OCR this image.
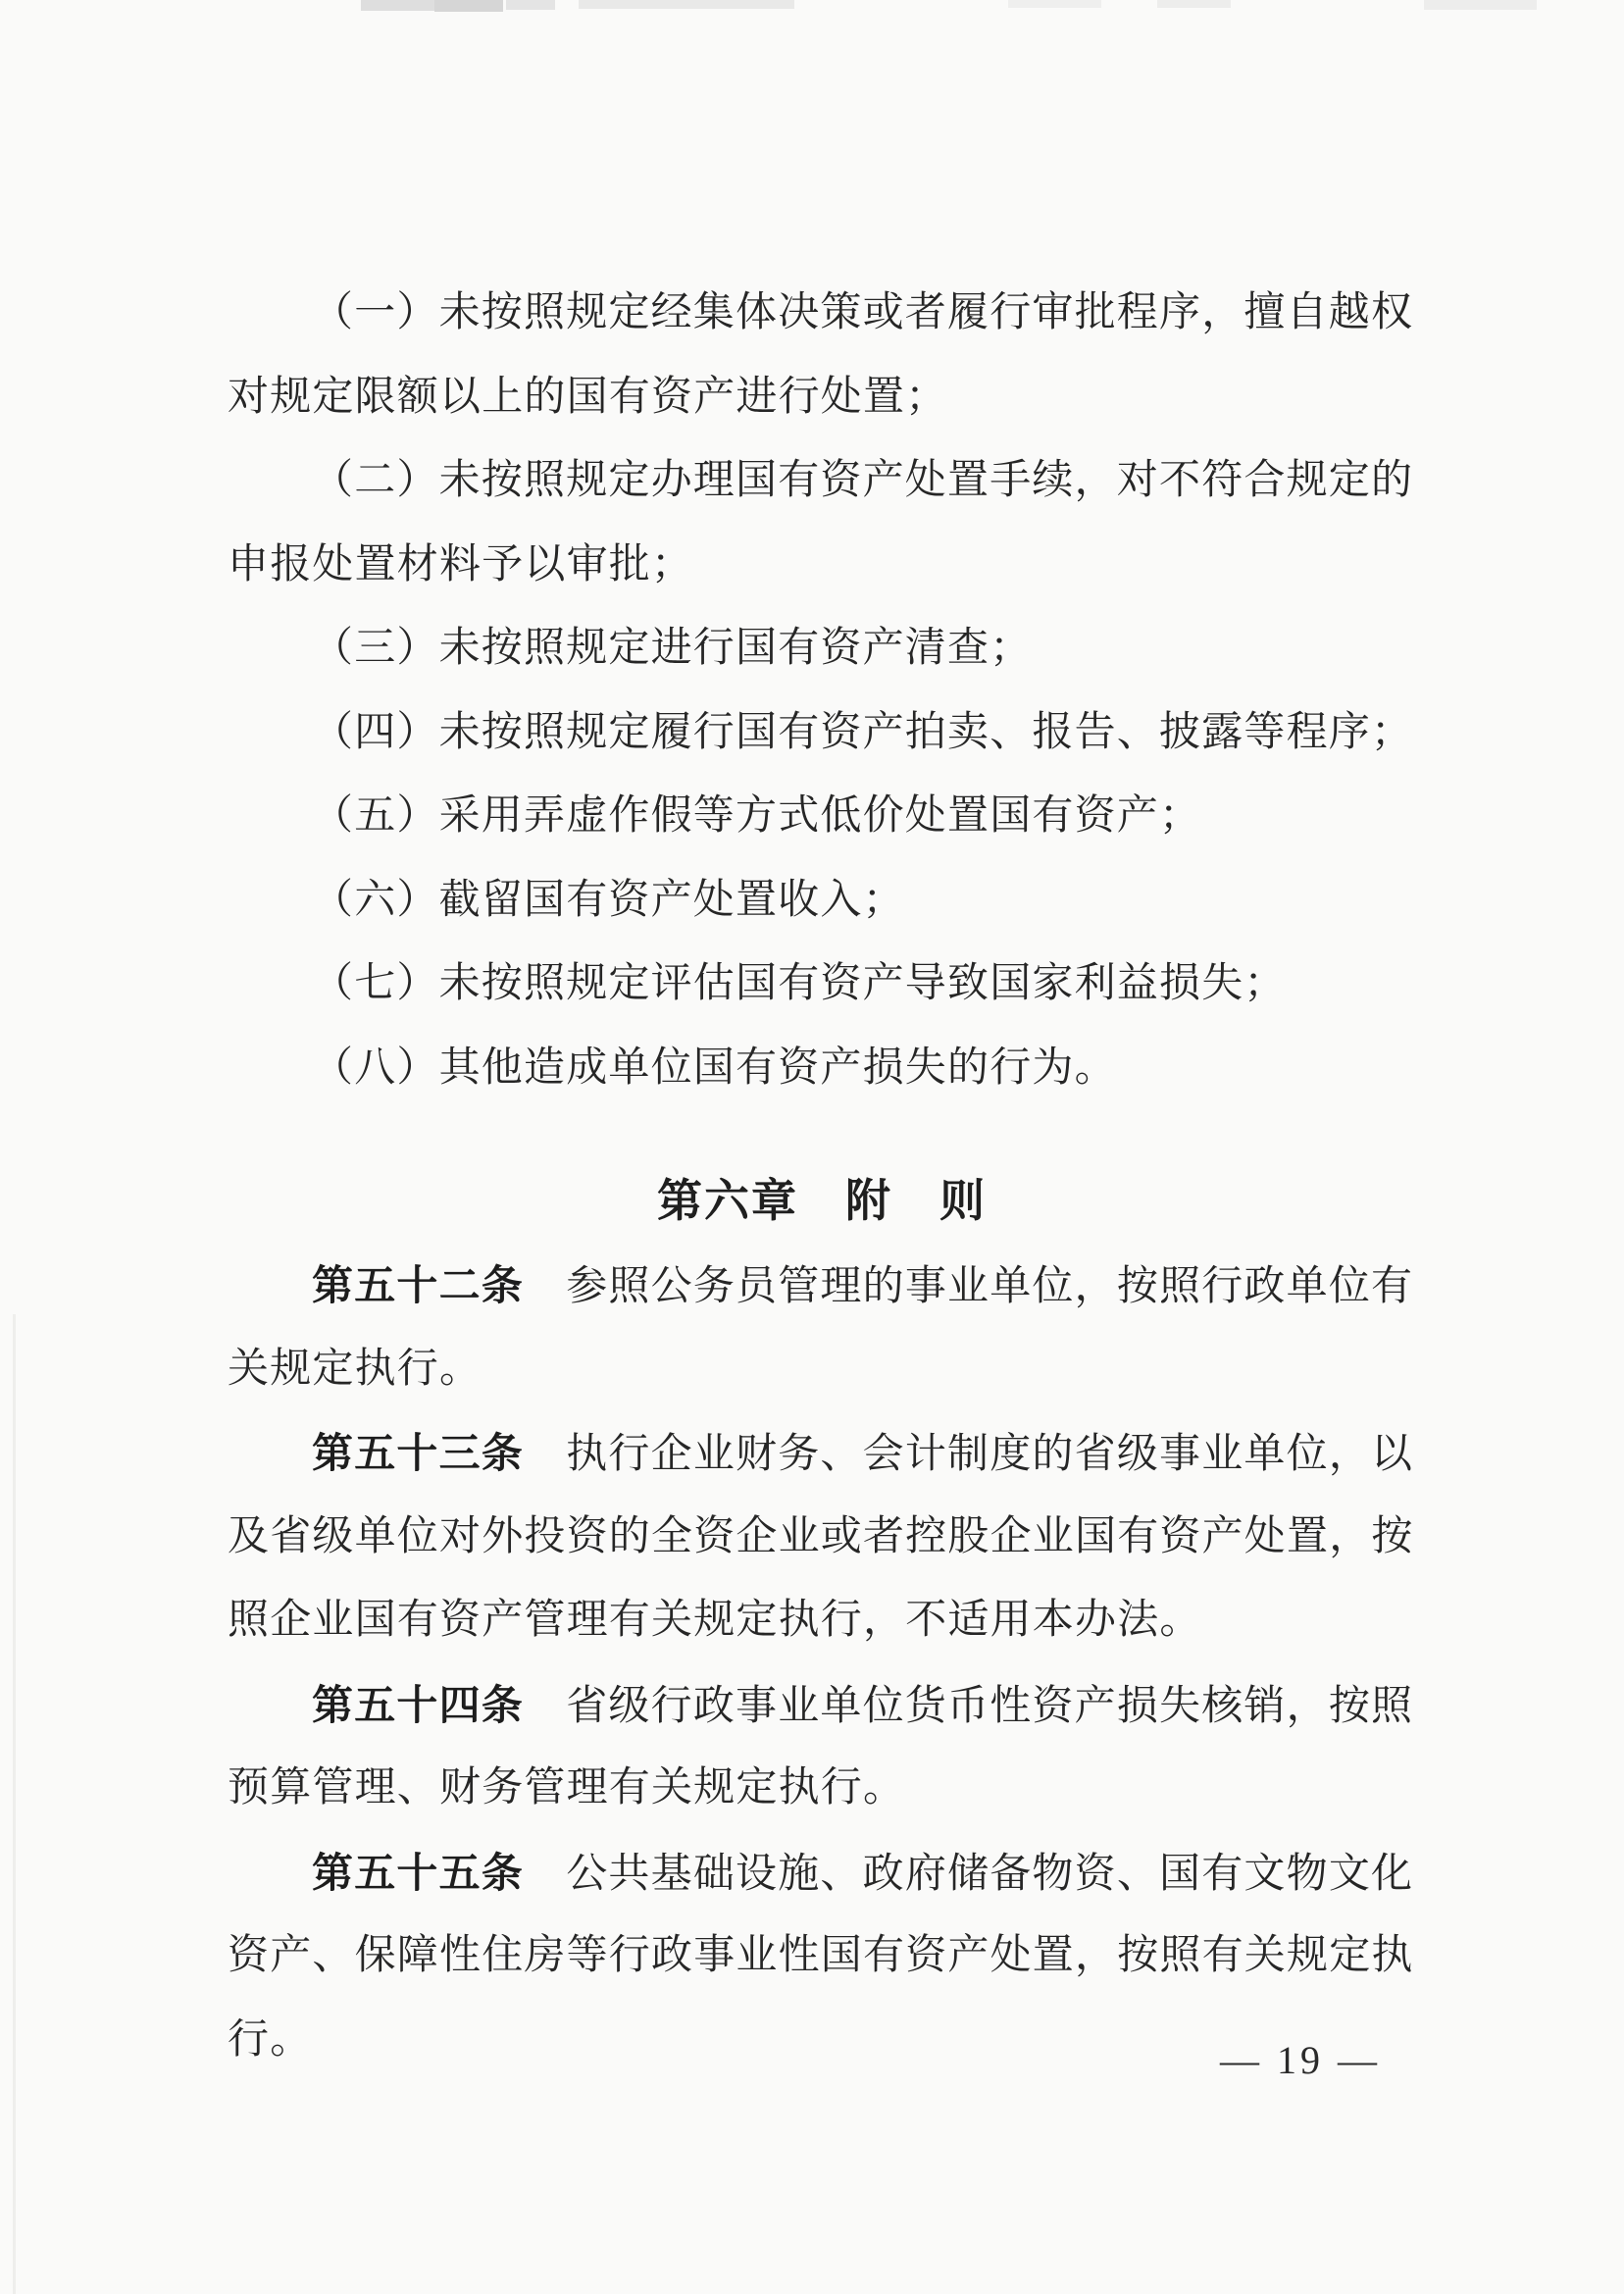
（一）未按照规定经集体决策或者履行审批程序，擅自越权
对规定限额以上的国有资产进行处置；
（二）未按照规定办理国有资产处置手续，对不符合规定的
申报处置材料予以审批；
（三）未按照规定进行国有资产清查；
（四）未按照规定履行国有资产拍卖、报告、披露等程序；
（五）采用弄虚作假等方式低价处置国有资产；
（六）截留国有资产处置收入；
（七）未按照规定评估国有资产导致国家利益损失；
（八）其他造成单位国有资产损失的行为。
第六章　附　则
第五十二条　参照公务员管理的事业单位，按照行政单位有
关规定执行。
第五十三条　执行企业财务、会计制度的省级事业单位，以
及省级单位对外投资的全资企业或者控股企业国有资产处置，按
照企业国有资产管理有关规定执行，不适用本办法。
第五十四条　省级行政事业单位货币性资产损失核销，按照
预算管理、财务管理有关规定执行。
第五十五条　公共基础设施、政府储备物资、国有文物文化
资产、保障性住房等行政事业性国有资产处置，按照有关规定执
行。	— 19 —
